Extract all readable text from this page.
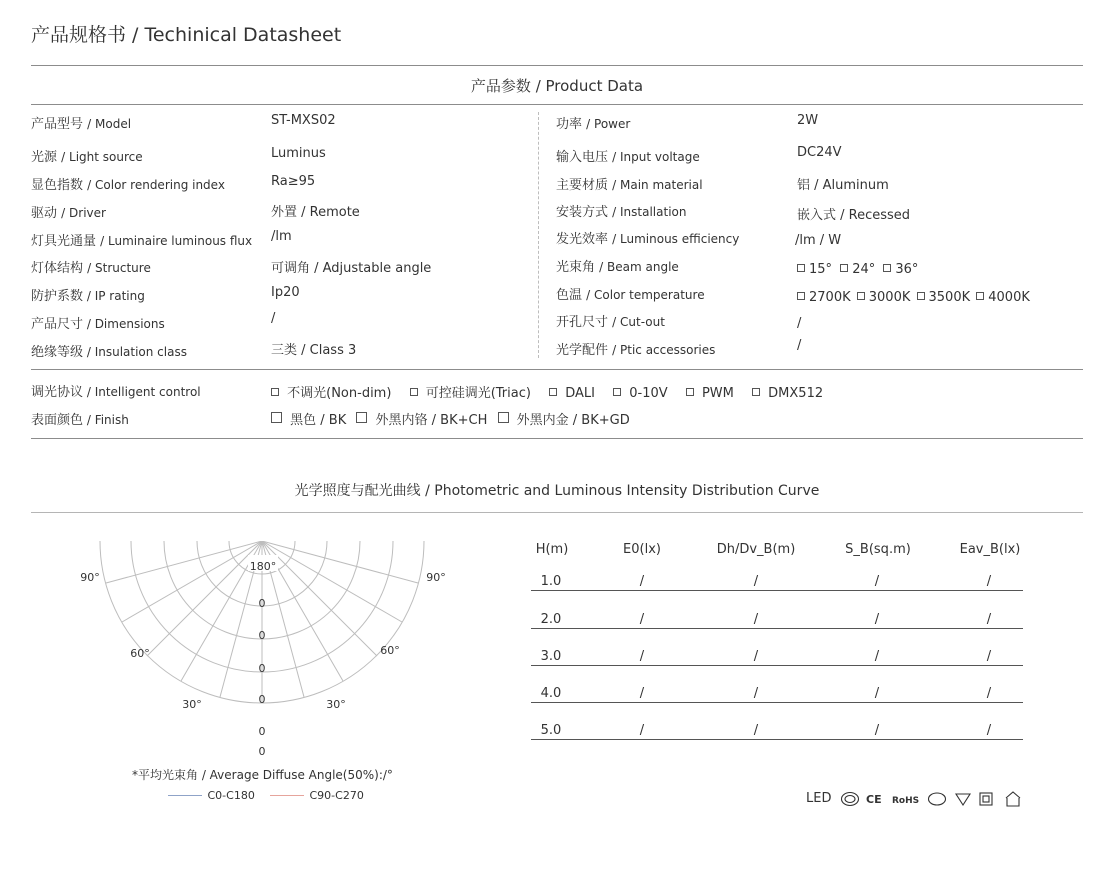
产品规格书 / Techinical Datasheet
产品参数 / Product Data
产品型号 / Model	ST-MXS02
光源 / Light source	Luminus
显色指数 / Color rendering index	Ra≥95
驱动 / Driver	外置 / Remote
灯具光通量 / Luminaire luminous flux /lm
灯体结构 / Structure	可调角 / Adjustable angle
防护系数 / IP rating	Ip20
产品尺寸 / Dimensions	/
绝缘等级 / Insulation class	三类 / Class 3
功率 / Power	2W
输入电压 / Input voltage	DC24V
主要材质 / Main material	铝 / Aluminum
安装方式 / Installation	嵌入式 / Recessed
发光效率 / Luminous efficiency	/lm / W
光束角 / Beam angle	15° 24° 36°
色温 / Color temperature	2700K 3000K 3500K 4000K
开孔尺寸 / Cut-out	/
光学配件 / Ptic accessories	/
调光协议 / Intelligent control	不调光(Non-dim)	可控硅调光(Triac)	DALI	0-10V	PWM	DMX512
表面颜色 / Finish	黑色 / BK 外黑内铬 / BK+CH 外黑内金 / BK+GD
光学照度与配光曲线 / Photometric and Luminous Intensity Distribution Curve
180°
90°	90°
60°	60°
30°	30°
0
0
0
0
0
0
*平均光束角 / Average Diffuse Angle(50%):/°
C0-C180	C90-C270
H(m)	E0(lx)	Dh/Dv_B(m)	S_B(sq.m)	Eav_B(lx)
1.0	/	/	/	/
2.0	/	/	/	/
3.0	/	/	/	/
4.0	/	/	/	/
5.0	/	/	/	/
LED	CE RoHS
